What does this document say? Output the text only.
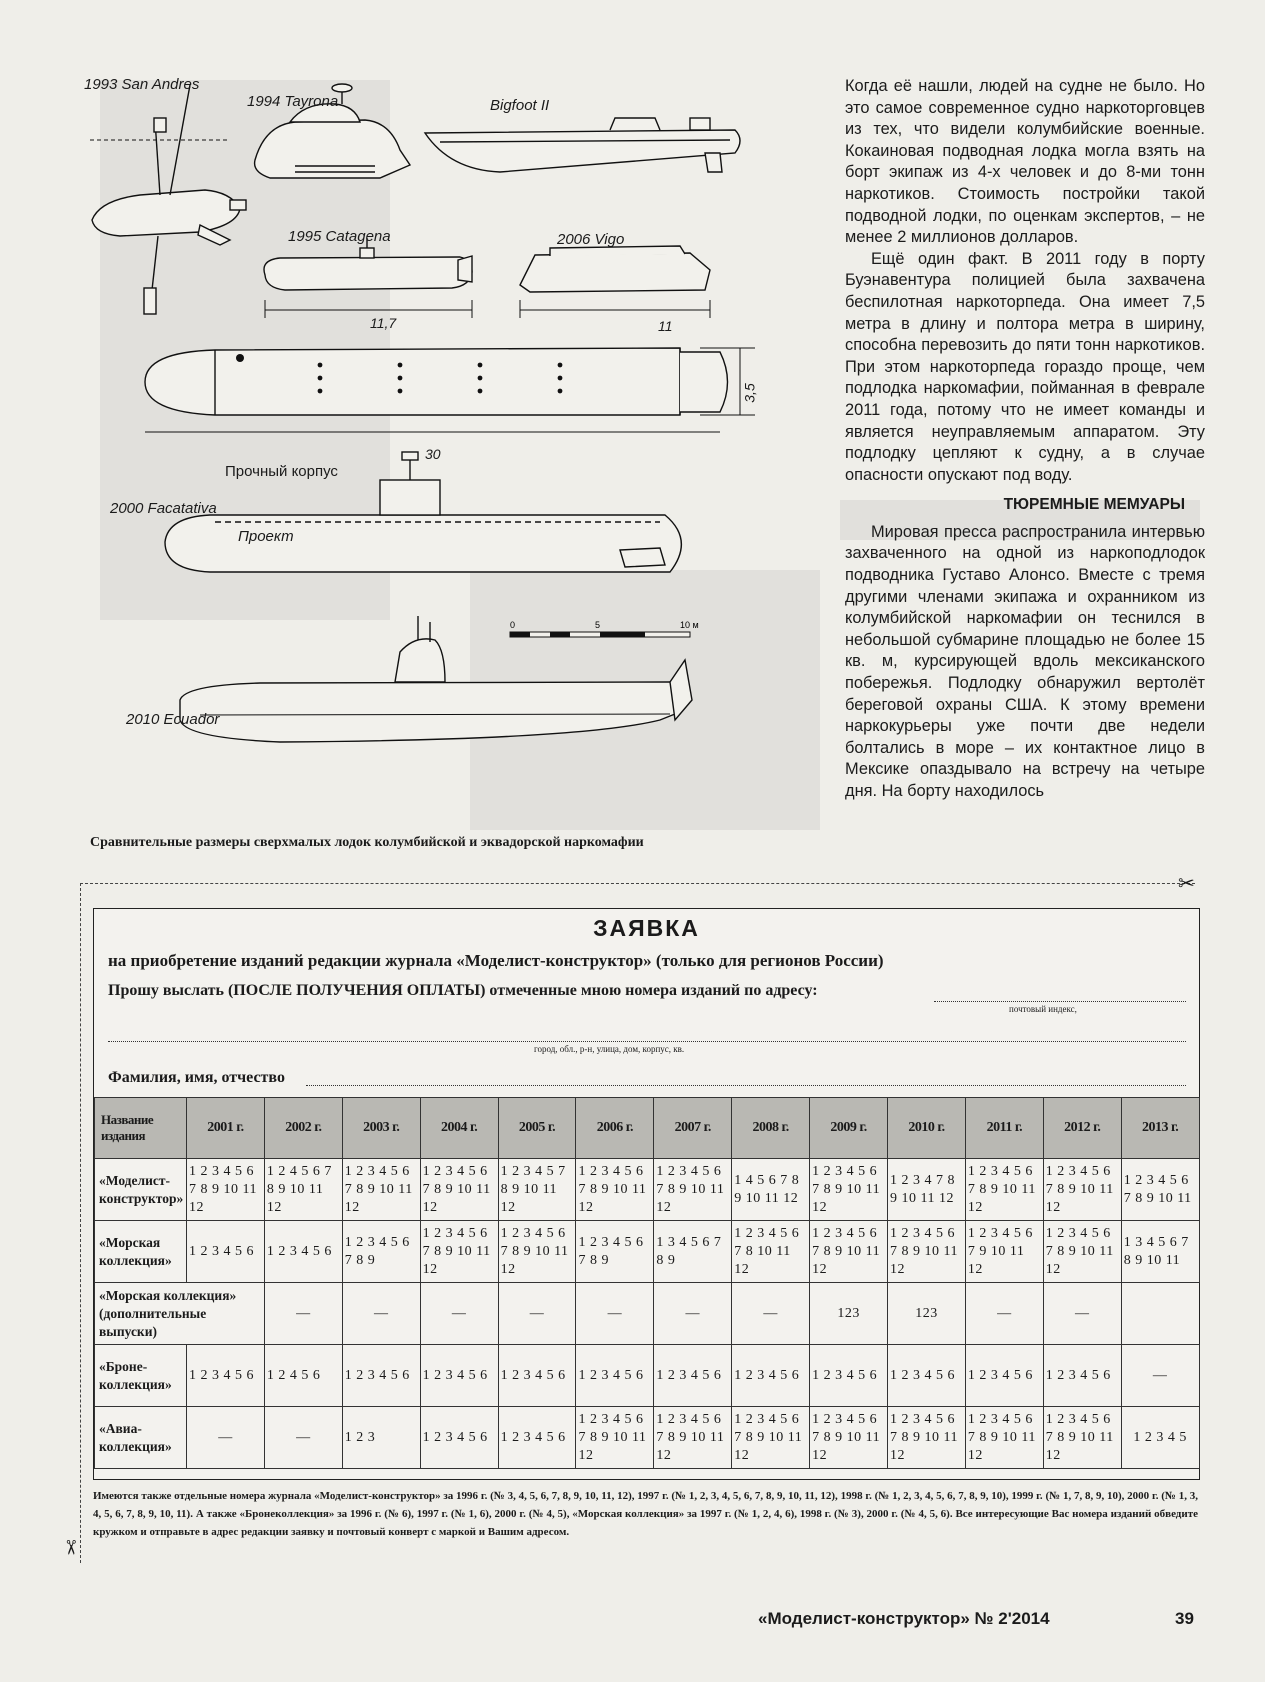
0	5	10 м
1993 San Andres
1994 Tayrona	Bigfoot II
1995 Catagena	2006 Vigo
11,7	11
3,5
30
Прочный корпус
2000 Facatativa
Проект
2010 Ecuador
Сравнительные размеры сверхмалых лодок колумбийской и эквадорской наркомафии

Когда её нашли, людей на судне не было. Но это самое современное судно наркоторговцев из тех, что видели колумбийские военные. Кокаиновая подводная лодка могла взять на борт экипаж из 4-х человек и до 8-ми тонн наркотиков. Стоимость постройки такой подводной лодки, по оценкам экспертов, – не менее 2 миллионов долларов.

Ещё один факт. В 2011 году в порту Буэнавентура полицией была захвачена беспилотная наркоторпеда. Она имеет 7,5 метра в длину и полтора метра в ширину, способна перевозить до пяти тонн наркотиков. При этом наркоторпеда гораздо проще, чем подлодка наркомафии, пойманная в феврале 2011 года, потому что не имеет команды и является неуправляемым аппаратом. Эту подлодку цепляют к судну, а в случае опасности опускают под воду.

ТЮРЕМНЫЕ МЕМУАРЫ

Мировая пресса распространила интервью захваченного на одной из наркоподлодок подводника Густаво Алонсо. Вместе с тремя другими членами экипажа и охранником из колумбийской наркомафии он теснился в небольшой субмарине площадью не более 15 кв. м, курсирующей вдоль мексиканского побережья. Подлодку обнаружил вертолёт береговой охраны США. К этому времени наркокурьеры уже почти две недели болтались в море – их контактное лицо в Мексике опаздывало на встречу на четыре дня. На борту находилось

✂
✂
ЗАЯВКА
на приобретение изданий редакции журнала «Моделист-конструктор» (только для регионов России)
Прошу выслать (ПОСЛЕ ПОЛУЧЕНИЯ ОПЛАТЫ) отмеченные мною номера изданий по адресу:
почтовый индекс,
город, обл., р-н, улица, дом, корпус, кв.
Фамилия, имя, отчество
Название издания	2001 г.	2002 г.	2003 г.	2004 г.	2005 г.	2006 г.	2007 г.	2008 г.	2009 г.	2010 г.	2011 г.	2012 г.	2013 г.
«Моделист-конструктор»	1 2 3 4 5 6 7 8 9 10 11 12	1 2 4 5 6 7 8 9 10 11 12	1 2 3 4 5 6 7 8 9 10 11 12	1 2 3 4 5 6 7 8 9 10 11 12	1 2 3 4 5 7 8 9 10 11 12	1 2 3 4 5 6 7 8 9 10 11 12	1 2 3 4 5 6 7 8 9 10 11 12	1 4 5 6 7 8 9 10 11 12	1 2 3 4 5 6 7 8 9 10 11 12	1 2 3 4 7 8 9 10 11 12	1 2 3 4 5 6 7 8 9 10 11 12	1 2 3 4 5 6 7 8 9 10 11 12	1 2 3 4 5 6 7 8 9 10 11
«Морская коллекция»	1 2 3 4 5 6	1 2 3 4 5 6	1 2 3 4 5 6 7 8 9	1 2 3 4 5 6 7 8 9 10 11 12	1 2 3 4 5 6 7 8 9 10 11 12	1 2 3 4 5 6 7 8 9	1 3 4 5 6 7 8 9	1 2 3 4 5 6 7 8 10 11 12	1 2 3 4 5 6 7 8 9 10 11 12	1 2 3 4 5 6 7 8 9 10 11 12	1 2 3 4 5 6 7 9 10 11 12	1 2 3 4 5 6 7 8 9 10 11 12	1 3 4 5 6 7 8 9 10 11
«Морская коллекция» (дополнительные выпуски)		—	—	—	—	—	—	—	123	123	—	—	
«Броне-коллекция»	1 2 3 4 5 6	1 2 4 5 6	1 2 3 4 5 6	1 2 3 4 5 6	1 2 3 4 5 6	1 2 3 4 5 6	1 2 3 4 5 6	1 2 3 4 5 6	1 2 3 4 5 6	1 2 3 4 5 6	1 2 3 4 5 6	1 2 3 4 5 6	—
«Авиа-коллекция»	—	—	1 2 3	1 2 3 4 5 6	1 2 3 4 5 6	1 2 3 4 5 6 7 8 9 10 11 12	1 2 3 4 5 6 7 8 9 10 11 12	1 2 3 4 5 6 7 8 9 10 11 12	1 2 3 4 5 6 7 8 9 10 11 12	1 2 3 4 5 6 7 8 9 10 11 12	1 2 3 4 5 6 7 8 9 10 11 12	1 2 3 4 5 6 7 8 9 10 11 12	1 2 3 4 5
Имеются также отдельные номера журнала «Моделист-конструктор» за 1996 г. (№ 3, 4, 5, 6, 7, 8, 9, 10, 11, 12), 1997 г. (№ 1, 2, 3, 4, 5, 6, 7, 8, 9, 10, 11, 12), 1998 г. (№ 1, 2, 3, 4, 5, 6, 7, 8, 9, 10), 1999 г. (№ 1, 7, 8, 9, 10), 2000 г. (№ 1, 3, 4, 5, 6, 7, 8, 9, 10, 11). А также «Бронеколлекция» за 1996 г. (№ 6), 1997 г. (№ 1, 6), 2000 г. (№ 4, 5), «Морская коллекция» за 1997 г. (№ 1, 2, 4, 6), 1998 г. (№ 3), 2000 г. (№ 4, 5, 6). Все интересующие Вас номера изданий обведите кружком и отправьте в адрес редакции заявку и почтовый конверт с маркой и Вашим адресом.
«Моделист-конструктор» № 2'2014	39
